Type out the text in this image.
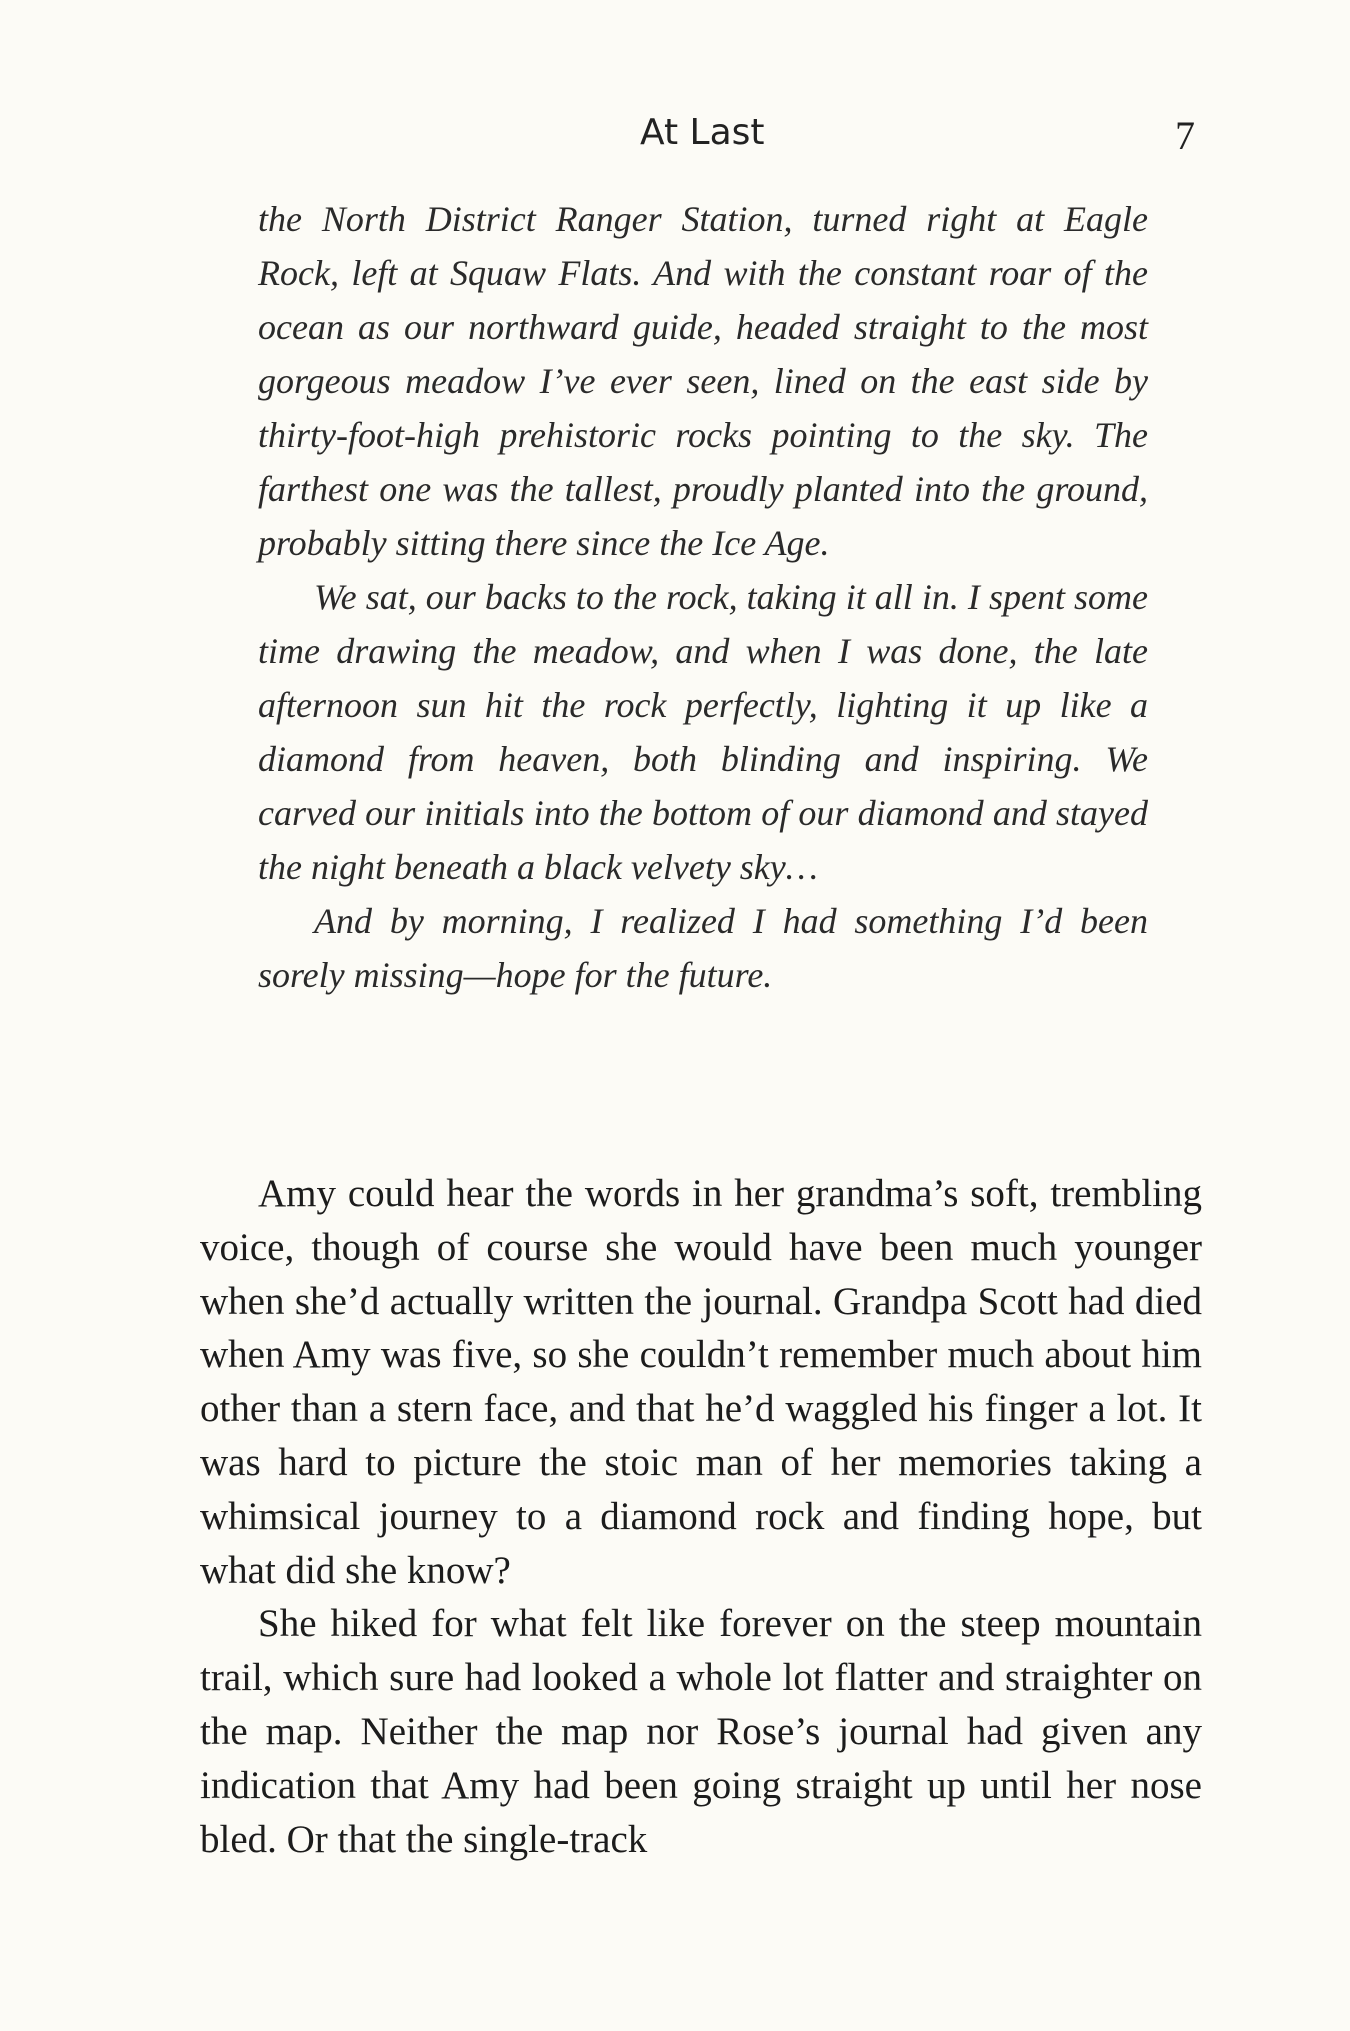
At Last	7

the North District Ranger Station, turned right at Eagle Rock, left at Squaw Flats. And with the constant roar of the ocean as our northward guide, headed straight to the most gorgeous meadow I’ve ever seen, lined on the east side by thirty-foot-high prehistoric rocks pointing to the sky. The farthest one was the tallest, proudly planted into the ground, probably sitting there since the Ice Age.

We sat, our backs to the rock, taking it all in. I spent some time drawing the meadow, and when I was done, the late afternoon sun hit the rock perfectly, lighting it up like a diamond from heaven, both blinding and inspiring. We carved our initials into the bottom of our diamond and stayed the night beneath a black velvety sky…

And by morning, I realized I had something I’d been sorely missing—hope for the future.

Amy could hear the words in her grandma’s soft, trembling voice, though of course she would have been much younger when she’d actually written the journal. Grandpa Scott had died when Amy was five, so she couldn’t remember much about him other than a stern face, and that he’d waggled his finger a lot. It was hard to picture the stoic man of her memories taking a whimsical journey to a diamond rock and finding hope, but what did she know?

She hiked for what felt like forever on the steep mountain trail, which sure had looked a whole lot flatter and straighter on the map. Neither the map nor Rose’s journal had given any indication that Amy had been going straight up until her nose bled. Or that the single-track
